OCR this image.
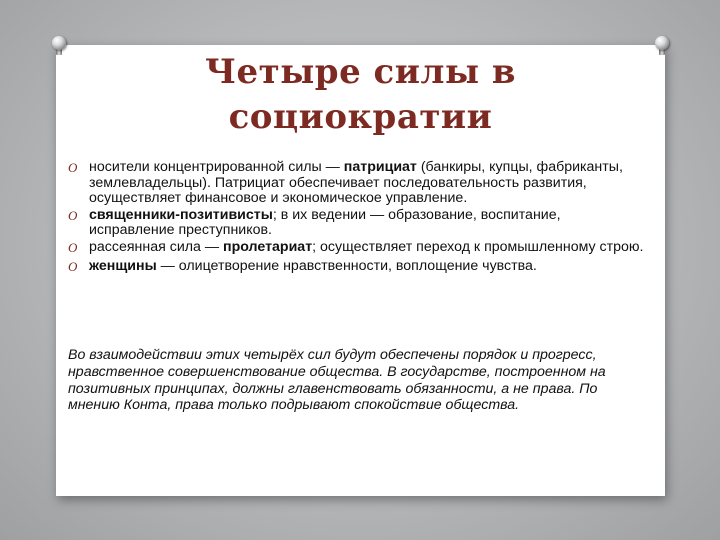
Четыре силы в
социократии
O носители концентрированной силы — патрициат (банкиры, купцы, фабриканты, землевладельцы). Патрициат обеспечивает последовательность развития, осуществляет финансовое и экономическое управление.
O священники-позитивисты; в их ведении — образование, воспитание, исправление преступников.
O рассеянная сила — пролетариат; осуществляет переход к промышленному строю.
O женщины — олицетворение нравственности, воплощение чувства.

Во взаимодействии этих четырёх сил будут обеспечены порядок и прогресс, нравственное совершенствование общества. В государстве, построенном на позитивных принципах, должны главенствовать обязанности, а не права. По мнению Конта, права только подрывают спокойствие общества.
